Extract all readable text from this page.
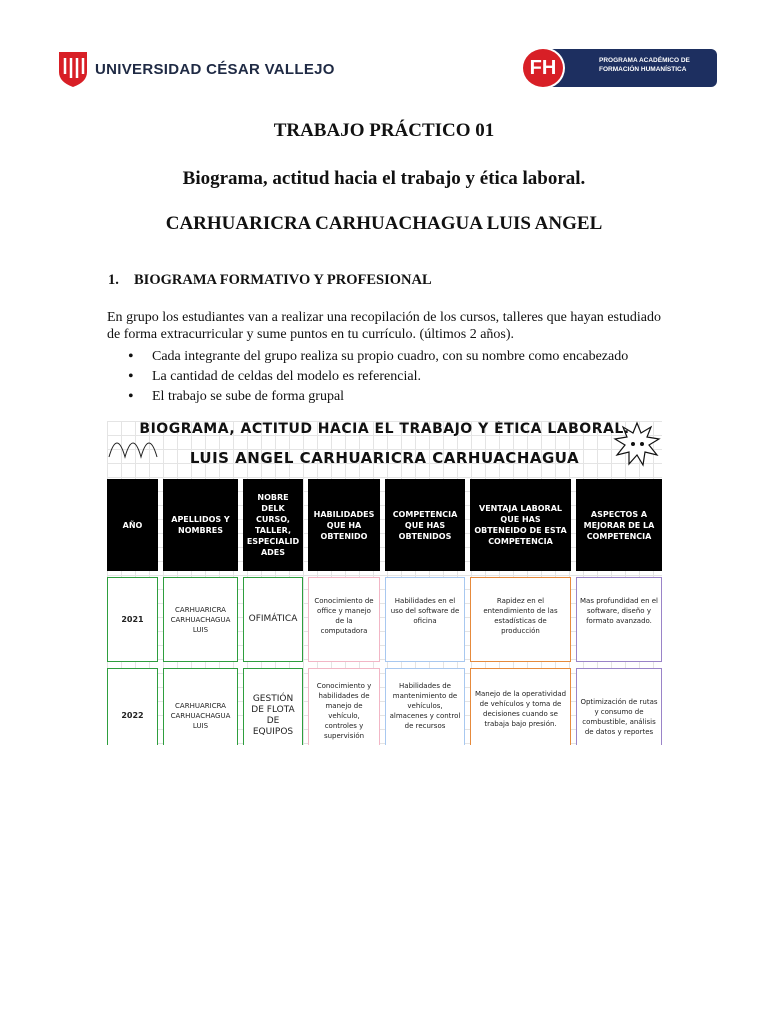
UNIVERSIDAD CÉSAR VALLEJO	FH	PROGRAMA ACADÉMICO DE
FORMACIÓN HUMANÍSTICA
TRABAJO PRÁCTICO 01
Biograma, actitud hacia el trabajo y ética laboral.
CARHUARICRA CARHUACHAGUA LUIS ANGEL
1. BIOGRAMA FORMATIVO Y PROFESIONAL
En grupo los estudiantes van a realizar una recopilación de los cursos, talleres que hayan estudiado de forma extracurricular y sume puntos en tu currículo. (últimos 2 años).
• Cada integrante del grupo realiza su propio cuadro, con su nombre como encabezado
• La cantidad de celdas del modelo es referencial.
• El trabajo se sube de forma grupal
BIOGRAMA, ACTITUD HACIA EL TRABAJO Y ÉTICA LABORAL.
LUIS ANGEL CARHUARICRA CARHUACHAGUA
AÑO
APELLIDOS Y NOMBRES
NOBRE DELK CURSO, TALLER, ESPECIALID ADES
HABILIDADES QUE HA OBTENIDO
COMPETENCIA QUE HAS OBTENIDOS
VENTAJA LABORAL QUE HAS OBTENEIDO DE ESTA COMPETENCIA
ASPECTOS A MEJORAR DE LA COMPETENCIA
2021
CARHUARICRA CARHUACHAGUA LUIS
OFIMÁTICA
Conocimiento de office y manejo de la computadora
Habilidades en el uso del software de oficina
Rapidez en el entendimiento de las estadísticas de producción
Mas profundidad en el software, diseño y formato avanzado.
2022
CARHUARICRA CARHUACHAGUA LUIS
GESTIÓN DE FLOTA DE EQUIPOS
Conocimiento y habilidades de manejo de vehículo, controles y supervisión
Habilidades de mantenimiento de vehículos, almacenes y control de recursos
Manejo de la operatividad de vehículos y toma de decisiones cuando se trabaja bajo presión.
Optimización de rutas y consumo de combustible, análisis de datos y reportes
